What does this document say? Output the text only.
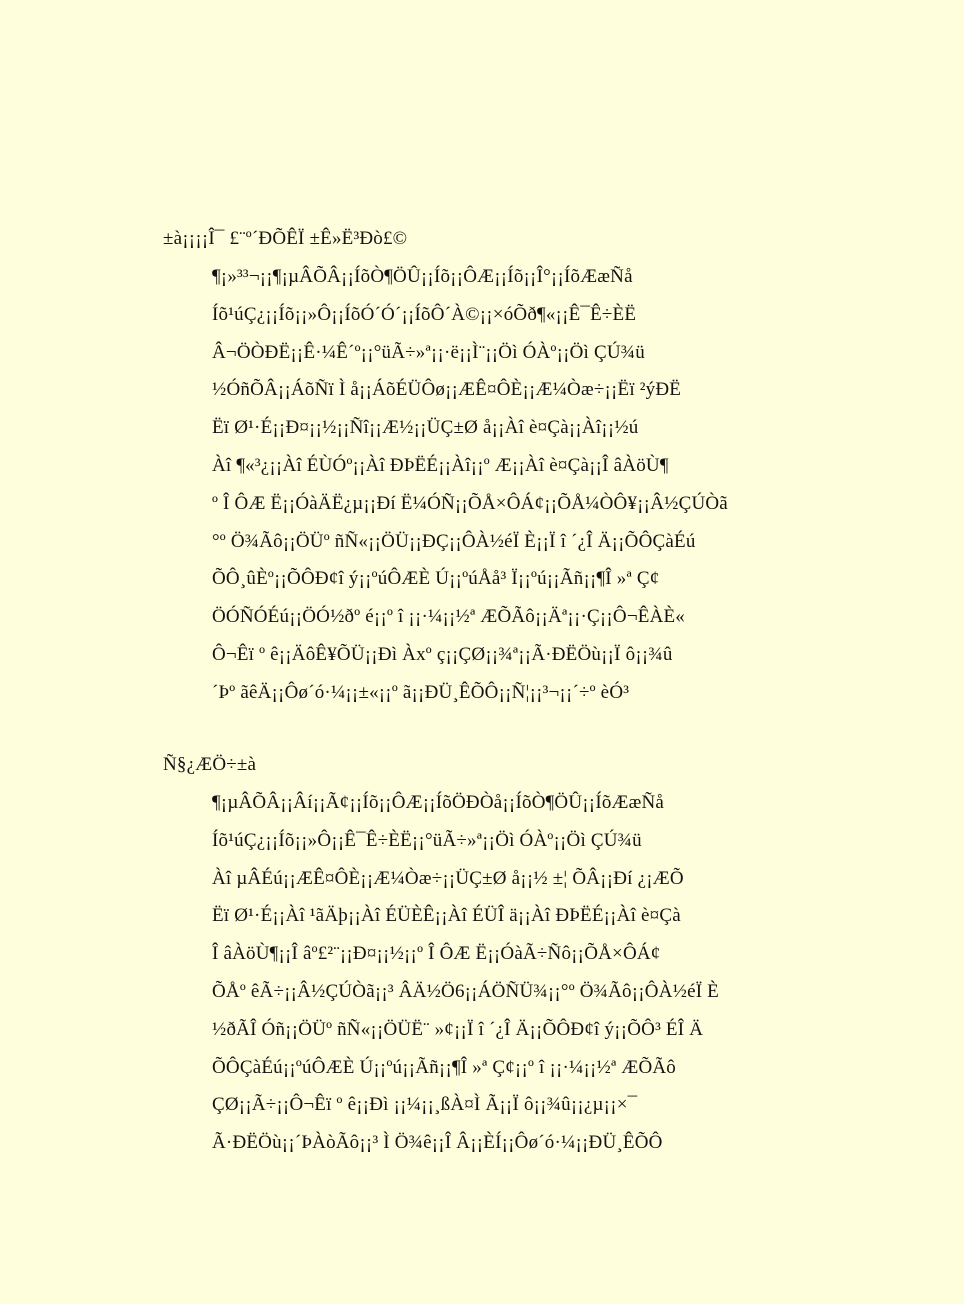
±à¡¡¡¡Î¯ £¨º´ÐÕÊÏ ±Ê»Ë³Ðò£©
¶¡»³³¬¡¡¶¡µÂÕÂ¡¡ÍõÒ¶ÖÛ¡¡Íõ¡¡ÔÆ¡¡Íõ¡¡Î°¡¡ÍõÆæÑå
Íõ¹úÇ¿¡¡Íõ¡¡»Ô¡¡ÍõÓ´Ó´¡¡ÍõÔ´À©¡¡×óÕð¶«¡¡Ê¯Ê÷ÈË
Â¬ÖÒÐË¡¡Ê·¼Ê´º¡¡°üÃ÷»ª¡¡·ë¡¡Ì¨¡¡Öì ÓÀº¡¡Öì ÇÚ¾ü
½ÓñÕÂ¡¡ÁõÑï Ì å¡¡ÁõÉÜÔø¡¡ÆÊ¤ÔÈ¡¡Æ¼Òæ÷¡¡Ëï ²ýÐË
Ëï Ø¹·É¡¡Ð¤¡¡½¡¡Ñî¡¡Æ½¡¡ÜÇ±Ø å¡¡Àî è¤Çà¡¡Àî¡¡½ú
Àî ¶«³¿¡¡Àî ÉÙÓº¡¡Àî ÐÞËÉ¡¡Àî¡¡º Æ¡¡Àî è¤Çà¡¡Î âÀöÙ¶
º Î ÔÆ Ë¡¡ÓàÄË¿µ¡¡Ðí Ë¼ÓÑ¡¡ÕÅ×ÔÁ¢¡¡ÕÅ¼ÒÔ¥¡¡Â½ÇÚÒã
°º Ö¾Ãô¡¡ÖÜº ñÑ«¡¡ÖÜ¡¡ÐÇ¡¡ÔÀ½éÏ È¡¡Ï î ´¿Î Ä¡¡ÕÔÇàÉú
ÕÔ¸ûÈº¡¡ÕÔÐ¢î ý¡¡ºúÔÆÈ Ú¡¡ºúÅå³ Ï¡¡ºú¡¡Ãñ¡¡¶Î »ª Ç¢
ÖÓÑÓÉú¡¡ÖÓ½ðº é¡¡º î ¡¡·¼¡¡½ª ÆÕÃô¡¡Äª¡¡·Ç¡¡Ô¬ÊÀÈ«
Ô¬Êï º ê¡¡ÄôÊ¥ÕÜ¡¡Ðì Àxº ç¡¡ÇØ¡¡¾ª¡¡Ã·ÐËÖù¡¡Ï ô¡¡¾û
´Þº ãêÄ¡¡Ôø´ó·¼¡¡±«¡¡º ã¡¡ÐÜ¸ÊÕÔ¡¡Ñ¦¡¡³¬¡¡´÷º èÓ³
Ñ§¿ÆÖ÷±à
¶¡µÂÕÂ¡¡Âí¡¡Ã¢¡¡Íõ¡¡ÔÆ¡¡ÍõÖÐÒå¡¡ÍõÒ¶ÖÛ¡¡ÍõÆæÑå
Íõ¹úÇ¿¡¡Íõ¡¡»Ô¡¡Ê¯Ê÷ÈË¡¡°üÃ÷»ª¡¡Öì ÓÀº¡¡Öì ÇÚ¾ü
Àî µÂÉú¡¡ÆÊ¤ÔÈ¡¡Æ¼Òæ÷¡¡ÜÇ±Ø å¡¡½ ±¦ ÕÂ¡¡Ðí ¿¡ÆÕ
Ëï Ø¹·É¡¡Àî ¹ãÄþ¡¡Àî ÉÜÈÊ¡¡Àî ÉÜÎ ä¡¡Àî ÐÞËÉ¡¡Àî è¤Çà
Î âÀöÙ¶¡¡Î âº£²¨¡¡Ð¤¡¡½¡¡º Î ÔÆ Ë¡¡ÓàÃ÷Ñô¡¡ÕÅ×ÔÁ¢
ÕÅº êÃ÷¡¡Â½ÇÚÒã¡¡³ ÂÄ½Ö6¡¡ÁÖÑÜ¾¡¡°º Ö¾Ãô¡¡ÔÀ½éÏ È
½ðÃÎ Óñ¡¡ÖÜº ñÑ«¡¡ÖÜË¨ »¢¡¡Ï î ´¿Î Ä¡¡ÕÔÐ¢î ý¡¡ÕÔ³ ÉÎ Ä
ÕÔÇàÉú¡¡ºúÔÆÈ Ú¡¡ºú¡¡Ãñ¡¡¶Î »ª Ç¢¡¡º î ¡¡·¼¡¡½ª ÆÕÃô
ÇØ¡¡Ã÷¡¡Ô¬Êï º ê¡¡Ðì ¡¡¼¡¡¸ßÀ¤Ì Ã¡¡Ï ô¡¡¾û¡¡¿µ¡¡×¯
Ã·ÐËÖù¡¡´ÞÀòÃô¡¡³ Ì Ö¾ê¡¡Î Â¡¡ÈÍ¡¡Ôø´ó·¼¡¡ÐÜ¸ÊÕÔ
